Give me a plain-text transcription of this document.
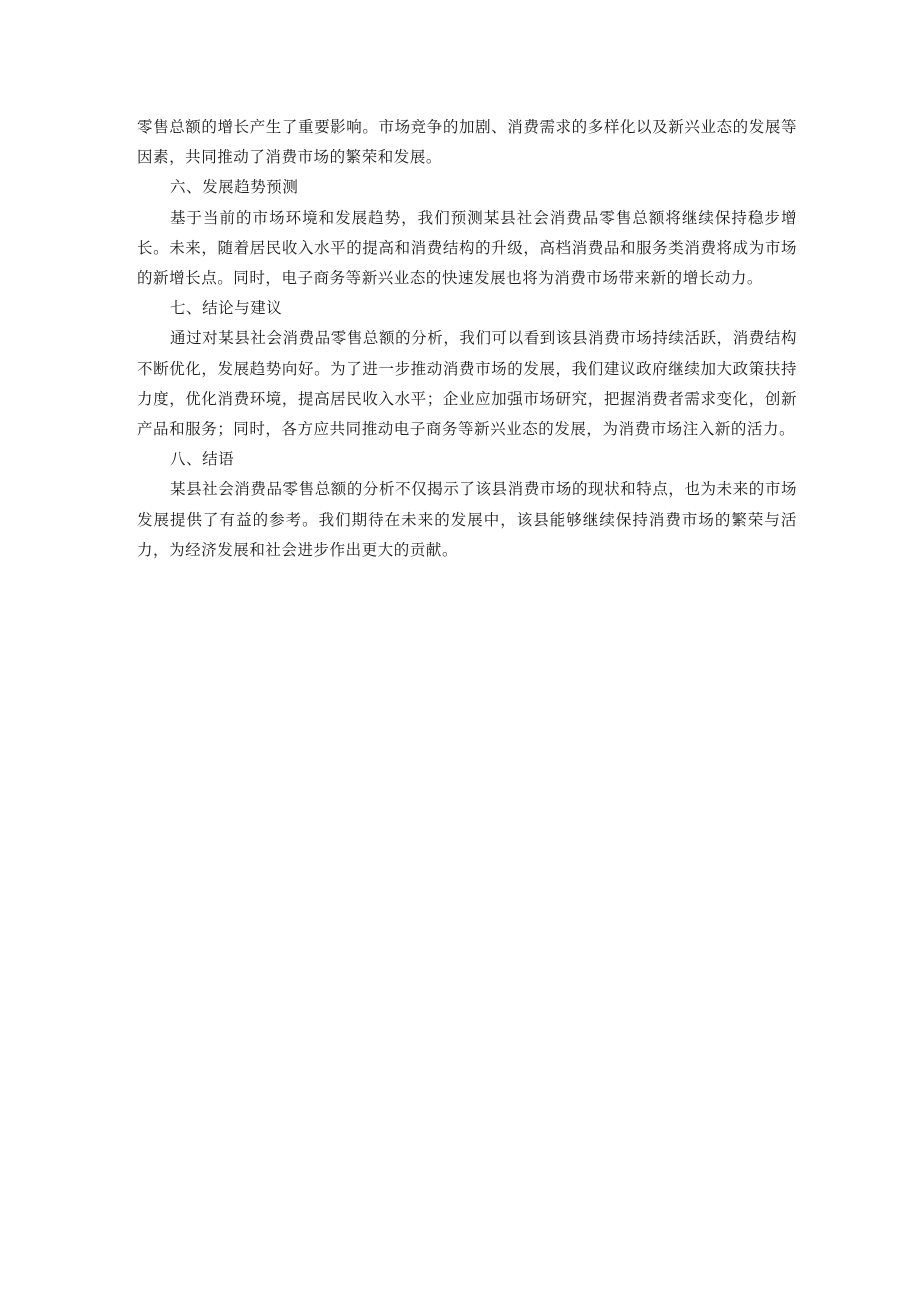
零售总额的增长产生了重要影响。市场竞争的加剧、消费需求的多样化以及新兴业态的发展等因素，共同推动了消费市场的繁荣和发展。

六、发展趋势预测

基于当前的市场环境和发展趋势，我们预测某县社会消费品零售总额将继续保持稳步增长。未来，随着居民收入水平的提高和消费结构的升级，高档消费品和服务类消费将成为市场的新增长点。同时，电子商务等新兴业态的快速发展也将为消费市场带来新的增长动力。

七、结论与建议

通过对某县社会消费品零售总额的分析，我们可以看到该县消费市场持续活跃，消费结构不断优化，发展趋势向好。为了进一步推动消费市场的发展，我们建议政府继续加大政策扶持力度，优化消费环境，提高居民收入水平；企业应加强市场研究，把握消费者需求变化，创新产品和服务；同时，各方应共同推动电子商务等新兴业态的发展，为消费市场注入新的活力。

八、结语

某县社会消费品零售总额的分析不仅揭示了该县消费市场的现状和特点，也为未来的市场发展提供了有益的参考。我们期待在未来的发展中，该县能够继续保持消费市场的繁荣与活力，为经济发展和社会进步作出更大的贡献。
